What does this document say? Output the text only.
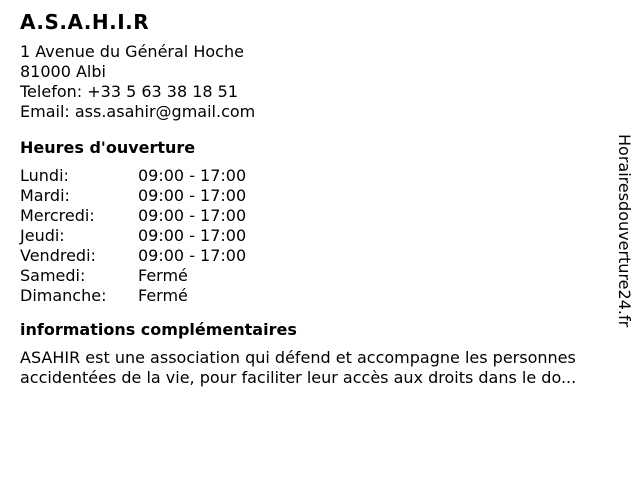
A.S.A.H.I.R
1 Avenue du Général Hoche
81000 Albi
Telefon: +33 5 63 38 18 51
Email: ass.asahir@gmail.com
Heures d'ouverture
Lundi:	09:00 - 17:00
Mardi:	09:00 - 17:00
Mercredi:	09:00 - 17:00
Jeudi:	09:00 - 17:00
Vendredi:	09:00 - 17:00
Samedi:	Fermé
Dimanche: Fermé
informations complémentaires

ASAHIR est une association qui défend et accompagne les personnes accidentées de la vie, pour faciliter leur accès aux droits dans le do...

Horairesdouverture24.fr
